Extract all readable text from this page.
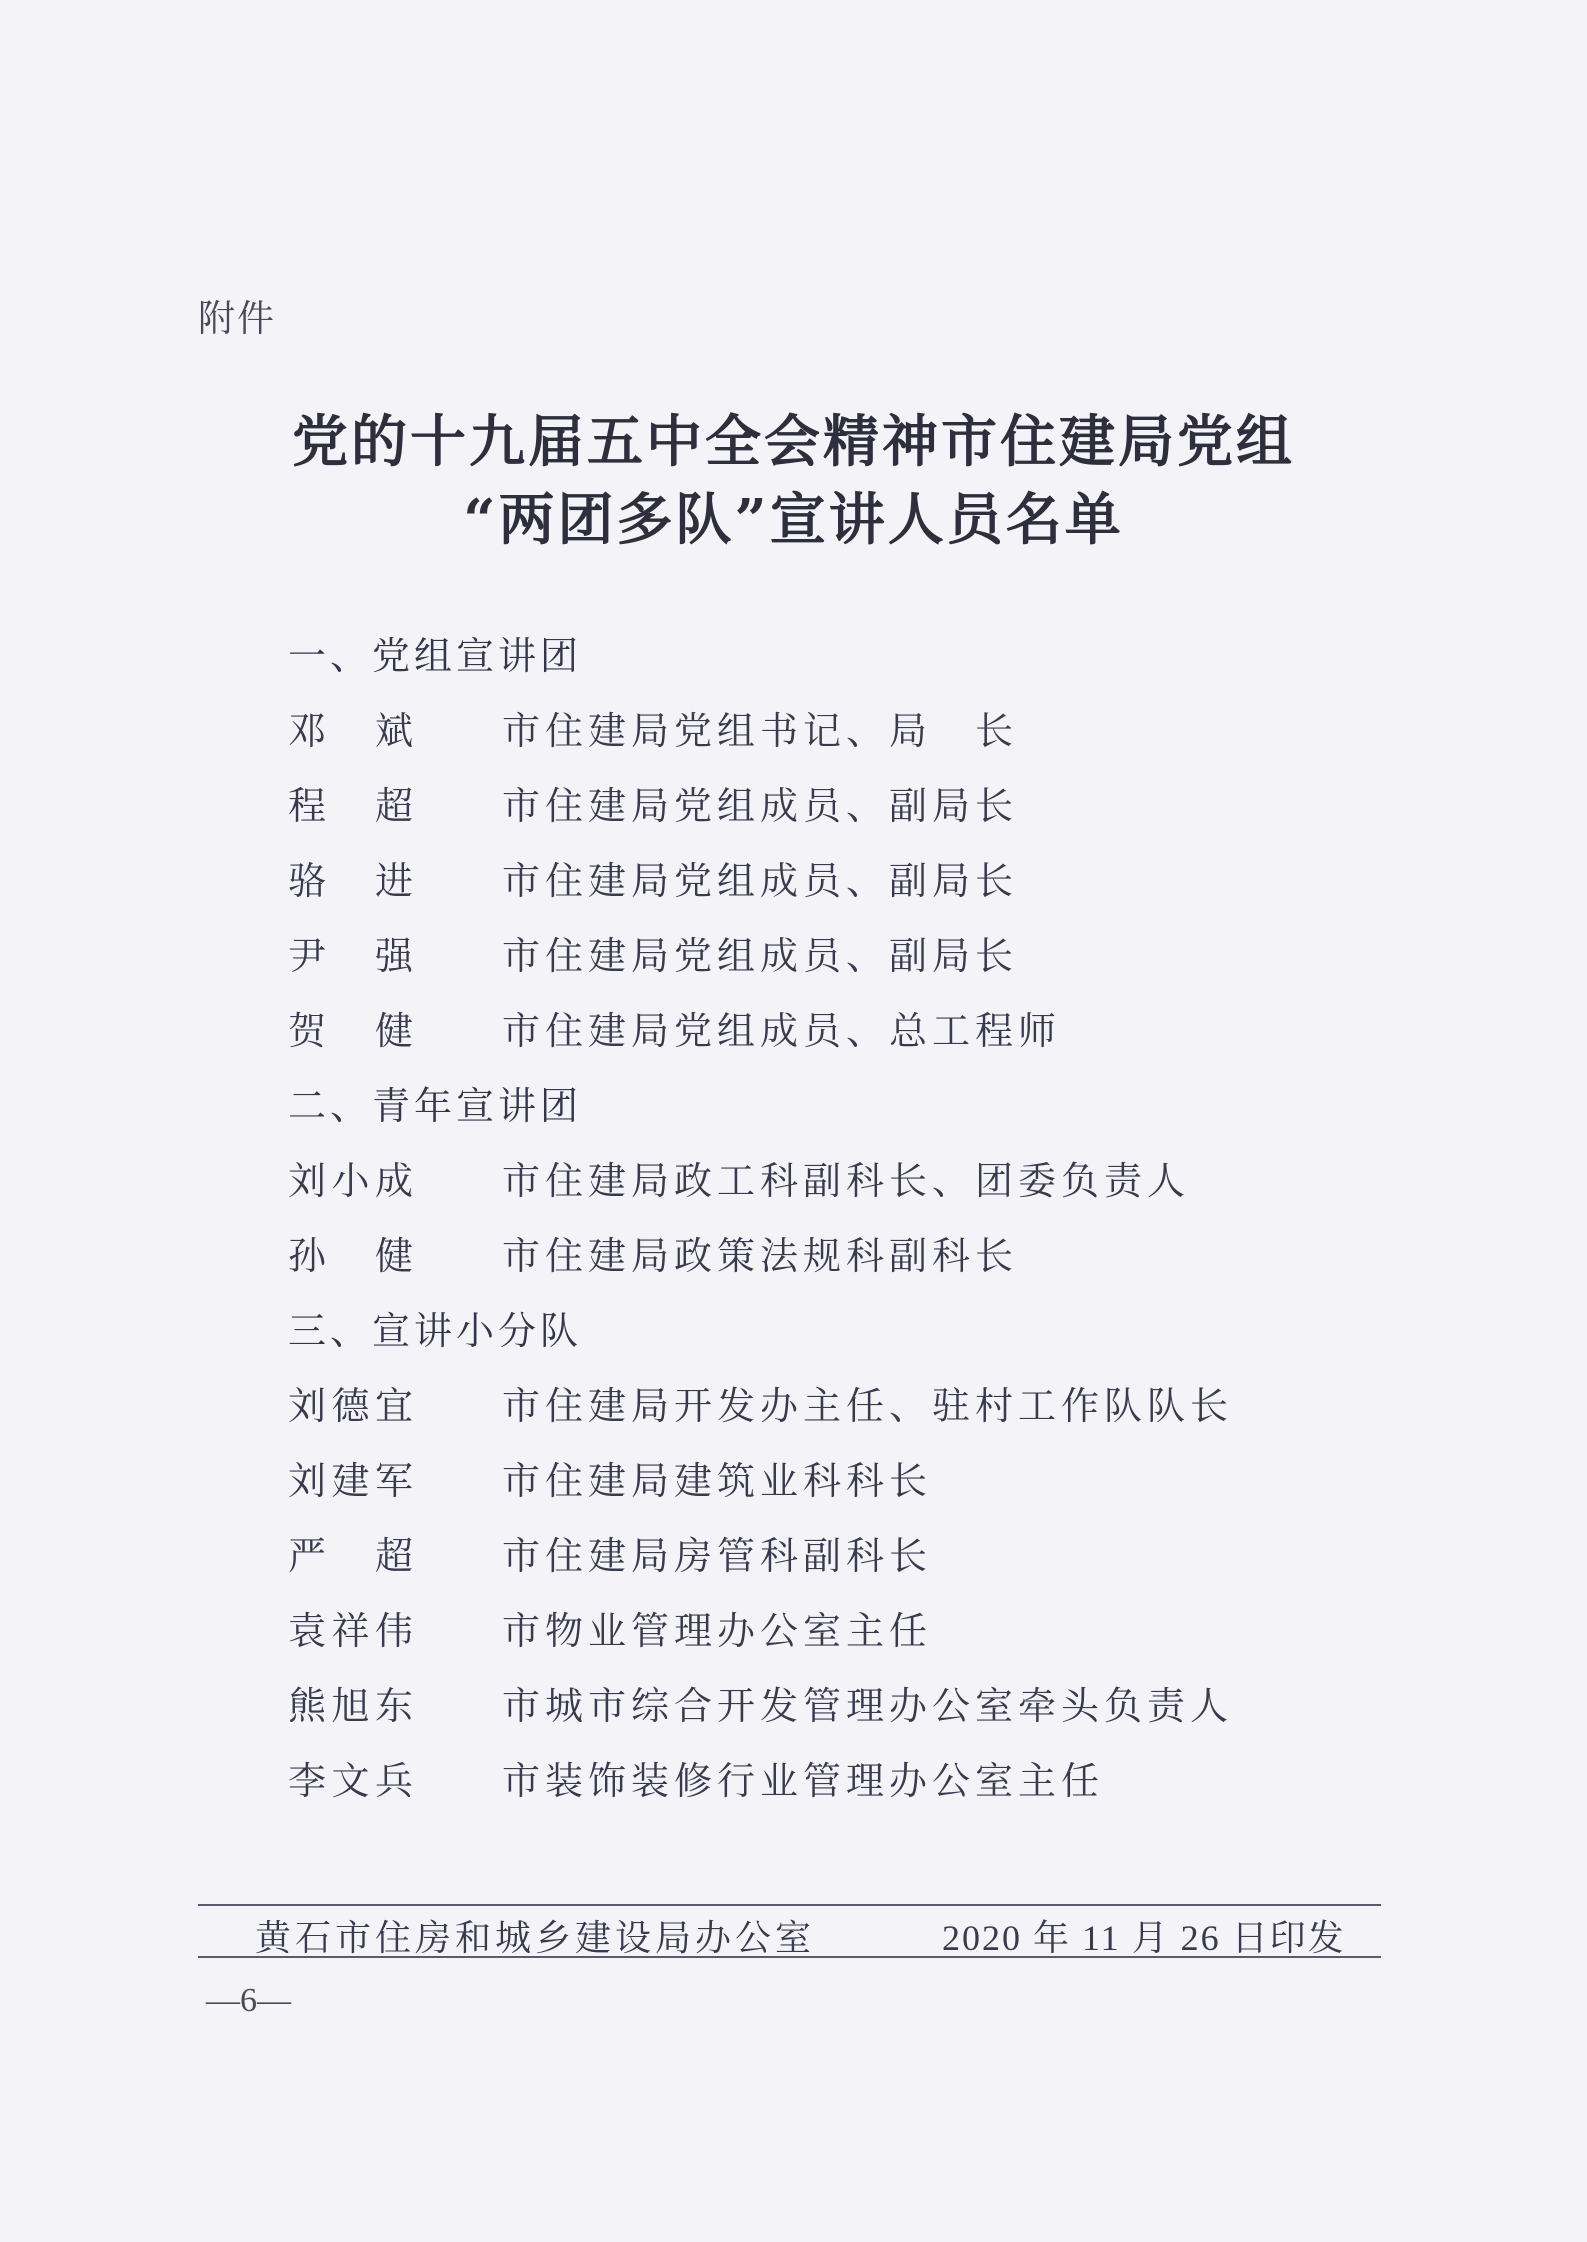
附件
党的十九届五中全会精神市住建局党组
“两团多队”宣讲人员名单
一、党组宣讲团
邓 斌 市住建局党组书记、局　长
程 超 市住建局党组成员、副局长
骆 进 市住建局党组成员、副局长
尹 强 市住建局党组成员、副局长
贺 健 市住建局党组成员、总工程师
二、青年宣讲团
刘 小 成 市住建局政工科副科长、团委负责人
孙 健 市住建局政策法规科副科长
三、宣讲小分队
刘 德 宜 市住建局开发办主任、驻村工作队队长
刘 建 军 市住建局建筑业科科长
严 超 市住建局房管科副科长
袁 祥 伟 市物业管理办公室主任
熊 旭 东 市城市综合开发管理办公室牵头负责人
李 文 兵 市装饰装修行业管理办公室主任
黄石市住房和城乡建设局办公室	2020 年 11 月 26 日印发
—6—
